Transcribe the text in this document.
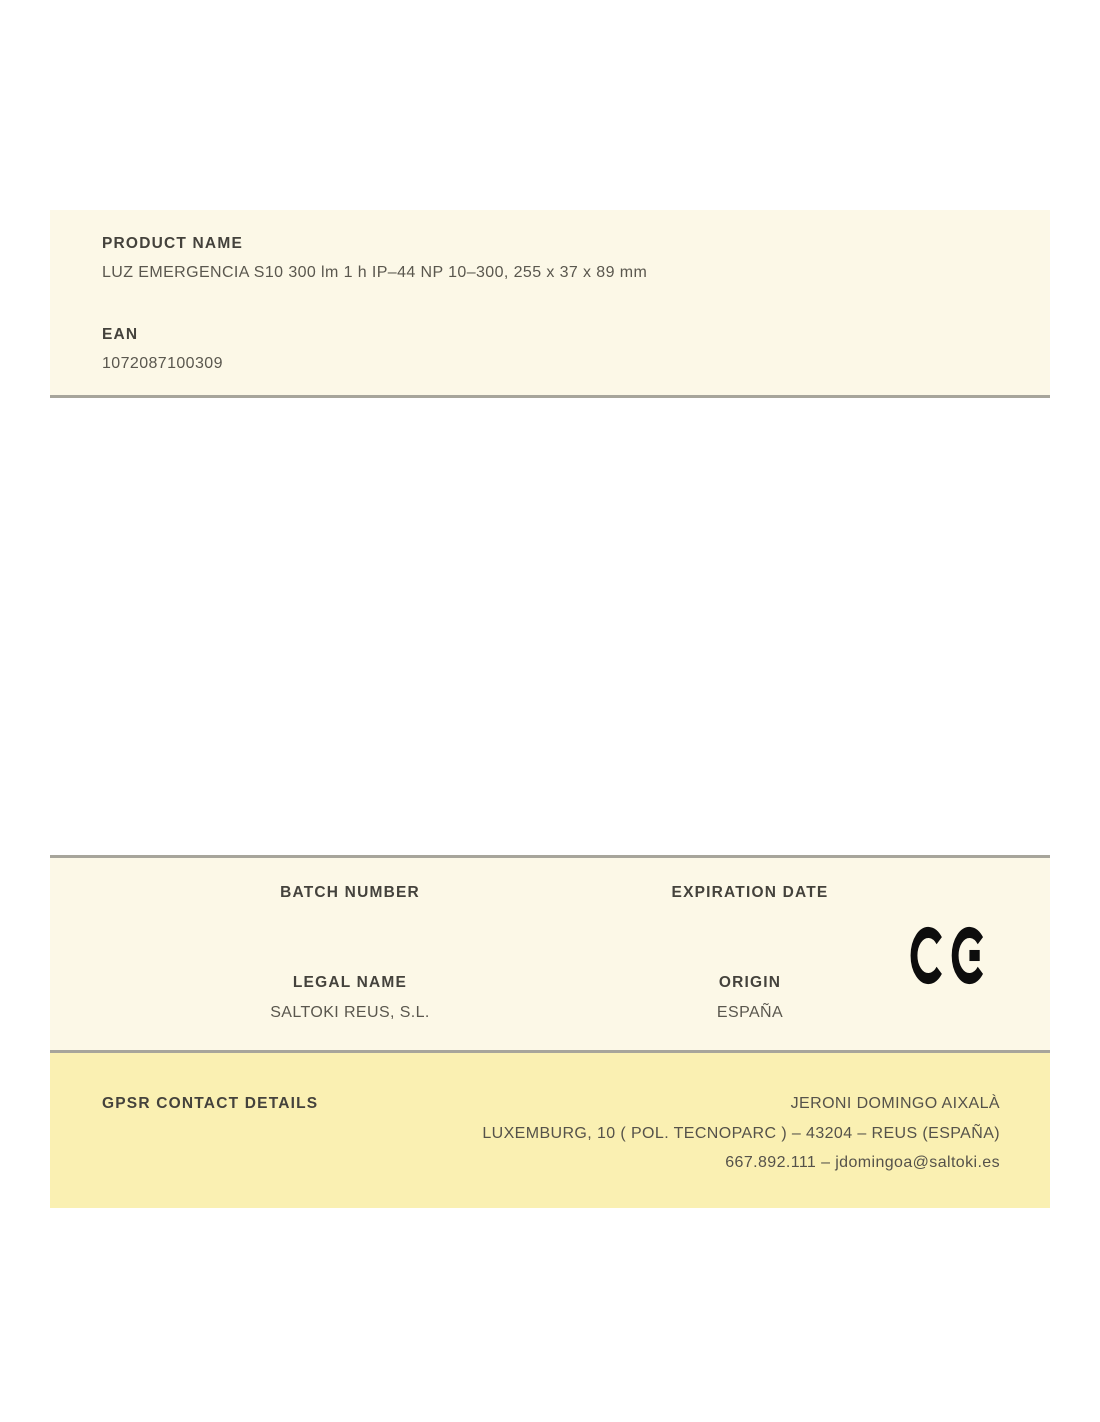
PRODUCT NAME
LUZ EMERGENCIA S10 300 lm 1 h IP–44 NP 10–300, 255 x 37 x 89 mm
EAN
1072087100309
BATCH NUMBER	EXPIRATION DATE
LEGAL NAME
SALTOKI REUS, S.L.
ORIGIN
ESPAÑA
GPSR CONTACT DETAILS	JERONI DOMINGO AIXALÀ
LUXEMBURG, 10 ( POL. TECNOPARC ) – 43204 – REUS (ESPAÑA)
667.892.111 – jdomingoa@saltoki.es
